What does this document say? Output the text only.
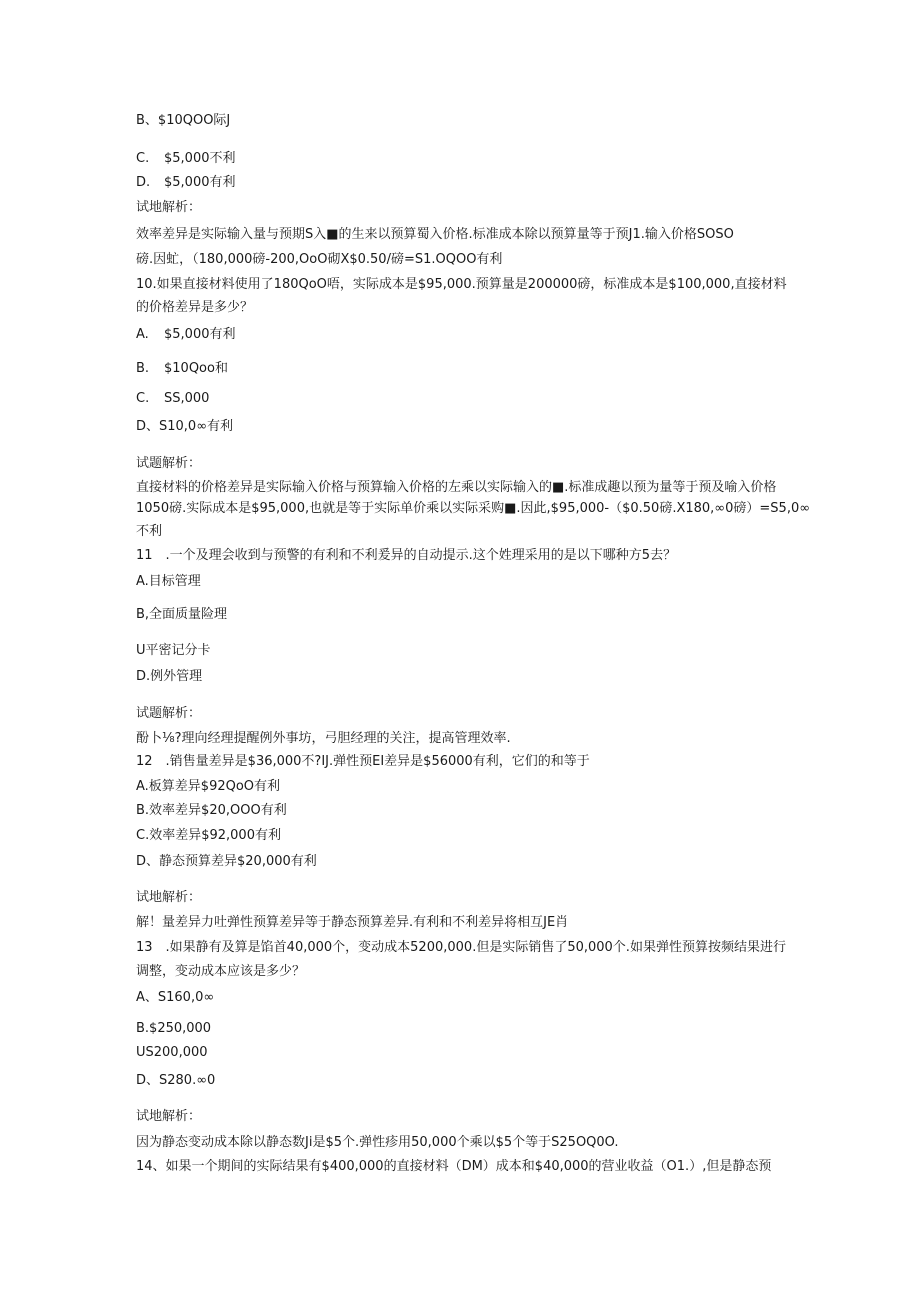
B、$10QOO际J
C. $5,000不利
D. $5,000有利
试地解析：
效率差异是实际输入量与预期S入■的生来以预算蜀入价格.标准成本除以预算量等于预J1.输入价格SOSO
磅.因虻，（180,000磅-200,OoO砌X$0.50/磅=S1.OQOO有利
10.如果直接材料使用了180QoO唔，实际成本是$95,000.预算量是200000磅，标准成本是$100,000,直接材料
的价格差异是多少？
A. $5,000有利
B. $10Qoo和
C. SS,000
D、S10,0∞有利
试题解析：
直接材料的价格差异是实际输入价格与预算输入价格的左乘以实际输入的■.标准成趣以预为量等于预及喻入价格
1050磅.实际成本是$95,000,也就是等于实际单价乘以实际采购■.因此,$95,000-（$0.50磅.X180,∞0磅）=S5,0∞
不利
11　.一个及理会收到与预警的有利和不利爰异的自动提示.这个姓理采用的是以下哪种方5去？
A.目标管理
B,全面质量险理
U平密记分卡
D.例外管理
试题解析：
酚卜⅛?理向经理提醒例外事坊，弓胆经理的关注，提高管理效率.
12　.销售量差异是$36,000不?IJ.弹性预EI差异是$56000有利，它们的和等于
A.板算差异$92QoO有利
B.效率差异$20,OOO有利
C.效率差异$92,000有利
D、静态预算差异$20,000有利
试地解析：
解！量差异力吐弹性预算差异等于静态预算差异.有利和不利差异将相互JE肖
13　.如果静有及算是馅首40,000个，变动成本5200,000.但是实际销售了50,000个.如果弹性预算按频结果进行
调整，变动成本应该是多少？
A、S160,0∞
B.$250,000
US200,000
D、S280.∞0
试地解析：
因为静态变动成本除以静态数Ji是$5个.弹性疹用50,000个乘以$5个等于S25OQ0O.
14、如果一个期间的实际结果有$400,000的直接材料（DM）成本和$40,000的营业收益（O1.）,但是静态预
